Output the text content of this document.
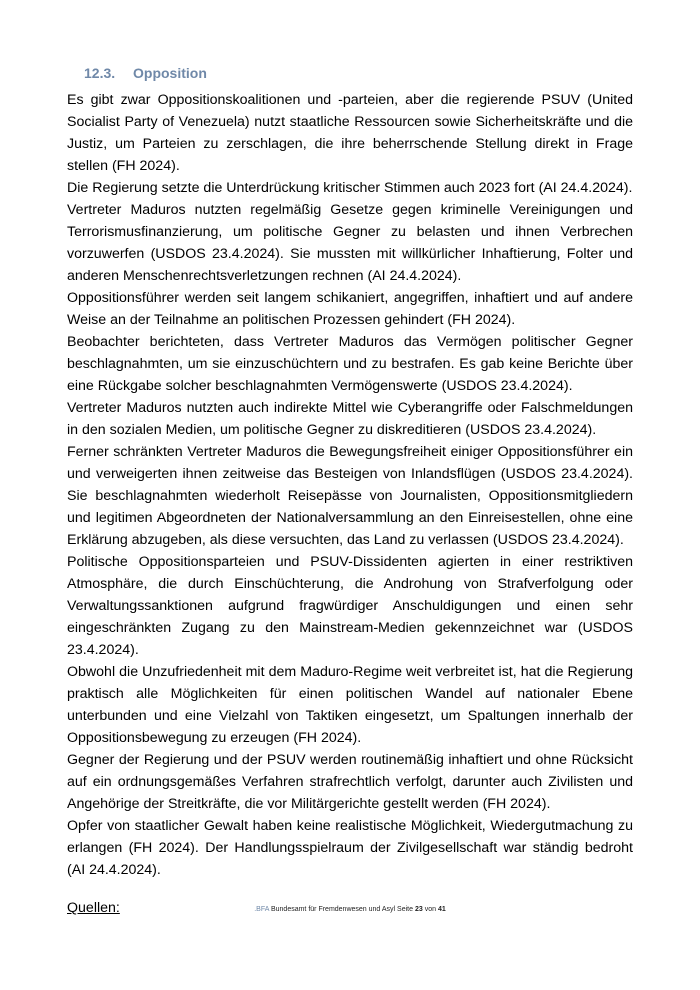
12.3. Opposition

Es gibt zwar Oppositionskoalitionen und -parteien, aber die regierende PSUV (United Socialist Party of Venezuela) nutzt staatliche Ressourcen sowie Sicherheitskräfte und die Justiz, um Parteien zu zerschlagen, die ihre beherrschende Stellung direkt in Frage stellen (FH 2024).

Die Regierung setzte die Unterdrückung kritischer Stimmen auch 2023 fort (AI 24.4.2024).

Vertreter Maduros nutzten regelmäßig Gesetze gegen kriminelle Vereinigungen und Terrorismusfinanzierung, um politische Gegner zu belasten und ihnen Verbrechen vorzuwerfen (USDOS 23.4.2024). Sie mussten mit willkürlicher Inhaftierung, Folter und anderen Menschenrechtsverletzungen rechnen (AI 24.4.2024).

Oppositionsführer werden seit langem schikaniert, angegriffen, inhaftiert und auf andere Weise an der Teilnahme an politischen Prozessen gehindert (FH 2024).

Beobachter berichteten, dass Vertreter Maduros das Vermögen politischer Gegner beschlagnahmten, um sie einzuschüchtern und zu bestrafen. Es gab keine Berichte über eine Rückgabe solcher beschlagnahmten Vermögenswerte (USDOS 23.4.2024).

Vertreter Maduros nutzten auch indirekte Mittel wie Cyberangriffe oder Falschmeldungen in den sozialen Medien, um politische Gegner zu diskreditieren (USDOS 23.4.2024).

Ferner schränkten Vertreter Maduros die Bewegungsfreiheit einiger Oppositionsführer ein und verweigerten ihnen zeitweise das Besteigen von Inlandsflügen (USDOS 23.4.2024). Sie beschlagnahmten wiederholt Reisepässe von Journalisten, Oppositionsmitgliedern und legitimen Abgeordneten der Nationalversammlung an den Einreisestellen, ohne eine Erklärung abzugeben, als diese versuchten, das Land zu verlassen (USDOS 23.4.2024).

Politische Oppositionsparteien und PSUV-Dissidenten agierten in einer restriktiven Atmosphäre, die durch Einschüchterung, die Androhung von Strafverfolgung oder Verwaltungssanktionen aufgrund fragwürdiger Anschuldigungen und einen sehr eingeschränkten Zugang zu den Mainstream-Medien gekennzeichnet war (USDOS 23.4.2024).

Obwohl die Unzufriedenheit mit dem Maduro-Regime weit verbreitet ist, hat die Regierung praktisch alle Möglichkeiten für einen politischen Wandel auf nationaler Ebene unterbunden und eine Vielzahl von Taktiken eingesetzt, um Spaltungen innerhalb der Oppositionsbewegung zu erzeugen (FH 2024).

Gegner der Regierung und der PSUV werden routinemäßig inhaftiert und ohne Rücksicht auf ein ordnungsgemäßes Verfahren strafrechtlich verfolgt, darunter auch Zivilisten und Angehörige der Streitkräfte, die vor Militärgerichte gestellt werden (FH 2024).

Opfer von staatlicher Gewalt haben keine realistische Möglichkeit, Wiedergutmachung zu erlangen (FH 2024). Der Handlungsspielraum der Zivilgesellschaft war ständig bedroht (AI 24.4.2024).

Quellen:	.BFA Bundesamt für Fremdenwesen und Asyl Seite 23 von 41
